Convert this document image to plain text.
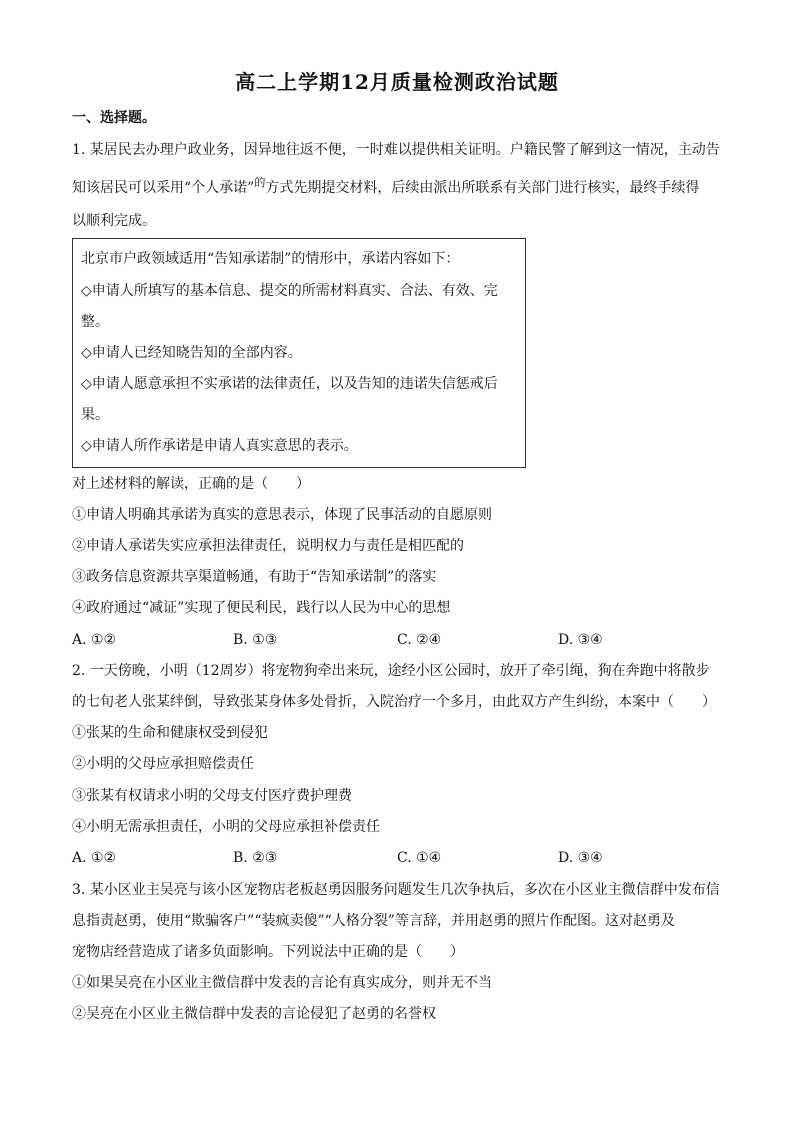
高二上学期12月质量检测政治试题
一、选择题。
1. 某居民去办理户政业务，因异地往返不便，一时难以提供相关证明。户籍民警了解到这一情况，主动告
知该居民可以采用“个人承诺”$^的$方式先期提交材料，后续由派出所联系有关部门进行核实，最终手续得
以顺利完成。
北京市户政领域适用“告知承诺制”的情形中，承诺内容如下：
◇申请人所填写的基本信息、提交的所需材料真实、合法、有效、完
整。
◇申请人已经知晓告知的全部内容。
◇申请人愿意承担不实承诺的法律责任，以及告知的违诺失信惩戒后
果。
◇申请人所作承诺是申请人真实意思的表示。
对上述材料的解读，正确的是（　　）
①申请人明确其承诺为真实的意思表示，体现了民事活动的自愿原则
②申请人承诺失实应承担法律责任，说明权力与责任是相匹配的
③政务信息资源共享渠道畅通，有助于“告知承诺制”的落实
④政府通过“减证”实现了便民利民，践行以人民为中心的思想
A. ①②	B. ①③	C. ②④	D. ③④
2. 一天傍晚，小明（12周岁）将宠物狗牵出来玩，途经小区公园时，放开了牵引绳，狗在奔跑中将散步
的七旬老人张某绊倒，导致张某身体多处骨折，入院治疗一个多月，由此双方产生纠纷，本案中（　　）
①张某的生命和健康权受到侵犯
②小明的父母应承担赔偿责任
③张某有权请求小明的父母支付医疗费护理费
④小明无需承担责任，小明的父母应承担补偿责任
A. ①②	B. ②③	C. ①④	D. ③④
3. 某小区业主吴亮与该小区宠物店老板赵勇因服务问题发生几次争执后，多次在小区业主微信群中发布信
息指责赵勇，使用“欺骗客户”“装疯卖傻”“人格分裂”等言辞，并用赵勇的照片作配图。这对赵勇及
宠物店经营造成了诸多负面影响。下列说法中正确的是（　　）
①如果吴亮在小区业主微信群中发表的言论有真实成分，则并无不当
②吴亮在小区业主微信群中发表的言论侵犯了赵勇的名誉权
